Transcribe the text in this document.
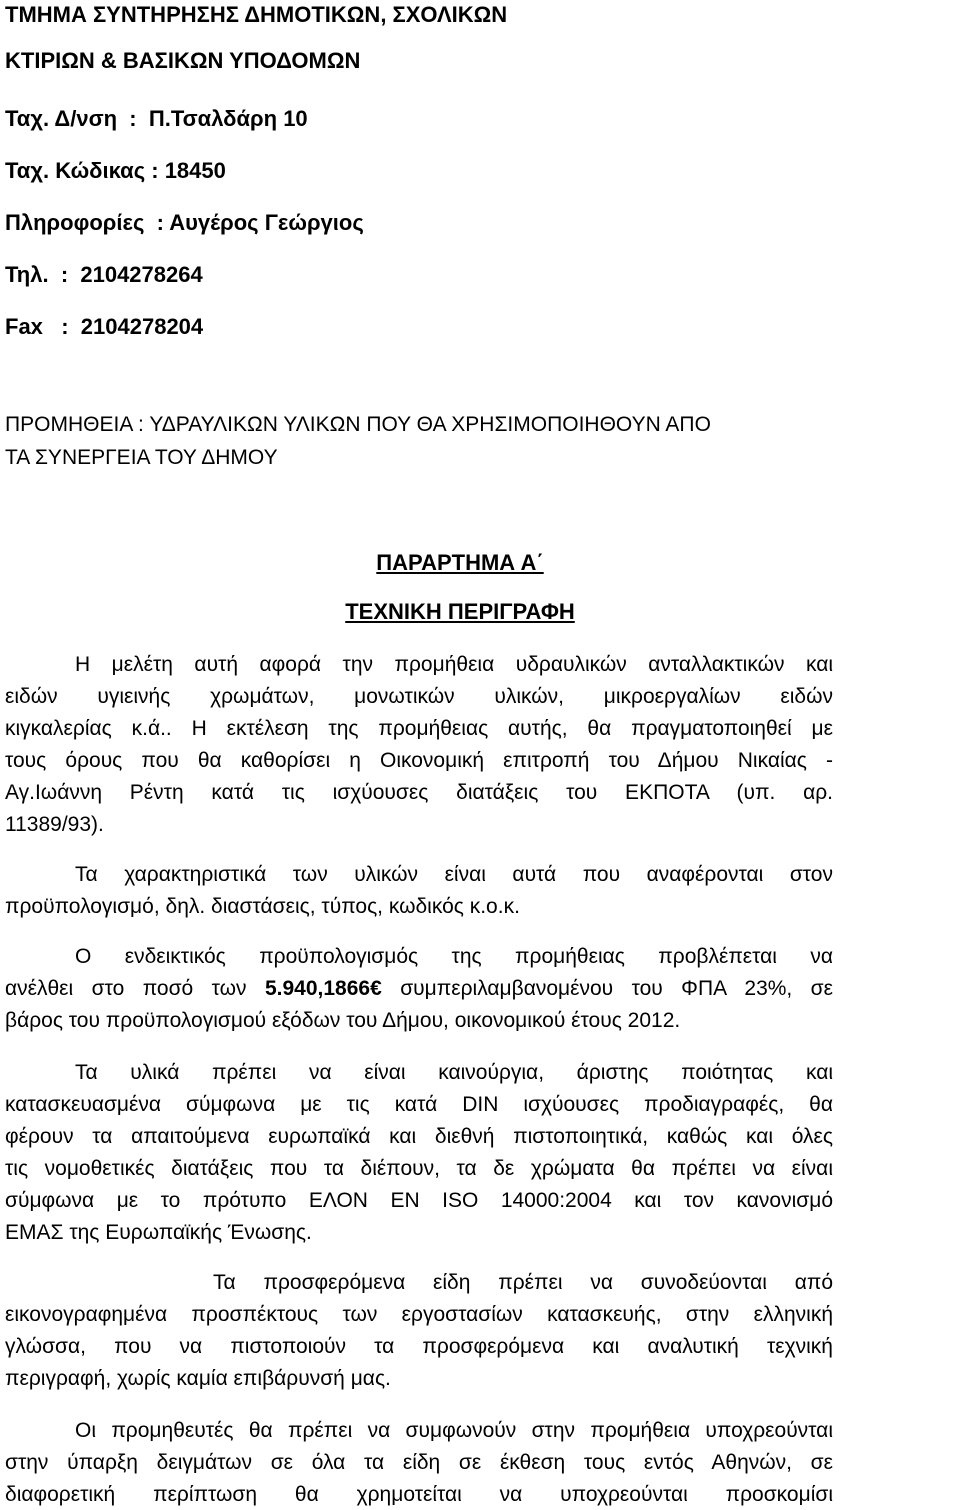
ΤΜΗΜΑ ΣΥΝΤΗΡΗΣΗΣ ΔΗΜΟΤΙΚΩΝ, ΣΧΟΛΙΚΩΝ
ΚΤΙΡΙΩΝ & ΒΑΣΙΚΩΝ ΥΠΟΔΟΜΩΝ
Ταχ. Δ/νση  :  Π.Τσαλδάρη 10
Ταχ. Κώδικας : 18450
Πληροφορίες  : Αυγέρος Γεώργιος
Τηλ.  :  2104278264
Fax   :  2104278204
ΠΡΟΜΗΘΕΙΑ : ΥΔΡΑΥΛΙΚΩΝ ΥΛΙΚΩΝ ΠΟΥ ΘΑ ΧΡΗΣΙΜΟΠΟΙΗΘΟΥΝ ΑΠΟ
ΤΑ ΣΥΝΕΡΓΕΙΑ ΤΟΥ ΔΗΜΟΥ
ΠΑΡΑΡΤΗΜΑ Α΄
ΤΕΧΝΙΚΗ ΠΕΡΙΓΡΑΦΗ
Η μελέτη αυτή αφορά την προμήθεια υδραυλικών ανταλλακτικών και
ειδών υγιεινής χρωμάτων, μονωτικών υλικών, μικροεργαλίων ειδών
κιγκαλερίας κ.ά.. Η εκτέλεση της προμήθειας αυτής, θα πραγματοποιηθεί με
τους όρους που θα καθορίσει η Οικονομική επιτροπή του Δήμου Νικαίας -
Αγ.Ιωάννη Ρέντη κατά τις ισχύουσες διατάξεις του ΕΚΠΟΤΑ (υπ. αρ.
11389/93).
Τα χαρακτηριστικά των υλικών είναι αυτά που αναφέρονται στον
προϋπολογισμό, δηλ. διαστάσεις, τύπος, κωδικός κ.ο.κ.
Ο ενδεικτικός προϋπολογισμός της προμήθειας προβλέπεται να
ανέλθει στο ποσό των 5.940,1866€ συμπεριλαμβανομένου του ΦΠΑ 23%, σε
βάρος του προϋπολογισμού εξόδων του Δήμου, οικονομικού έτους 2012.
Τα υλικά πρέπει να είναι καινούργια, άριστης ποιότητας και
κατασκευασμένα σύμφωνα με τις κατά DIN ισχύουσες προδιαγραφές, θα
φέρουν τα απαιτούμενα ευρωπαϊκά και διεθνή πιστοποιητικά, καθώς και όλες
τις νομοθετικές διατάξεις που τα διέπουν, τα δε χρώματα θα πρέπει να είναι
σύμφωνα με το πρότυπο ΕΛΟΝ ΕΝ ISO 14000:2004 και τον κανονισμό
ΕΜΑΣ της Ευρωπαϊκής Ένωσης.
Τα προσφερόμενα είδη πρέπει να συνοδεύονται από
εικονογραφημένα προσπέκτους των εργοστασίων κατασκευής, στην ελληνική
γλώσσα, που να πιστοποιούν τα προσφερόμενα και αναλυτική τεχνική
περιγραφή, χωρίς καμία επιβάρυνσή μας.
Οι προμηθευτές θα πρέπει να συμφωνούν στην προμήθεια υποχρεούνται
στην ύπαρξη δειγμάτων σε όλα τα είδη σε έκθεση τους εντός Αθηνών, σε
διαφορετική περίπτωση θα χρημοτείται να υποχρεούνται προσκομίσι
